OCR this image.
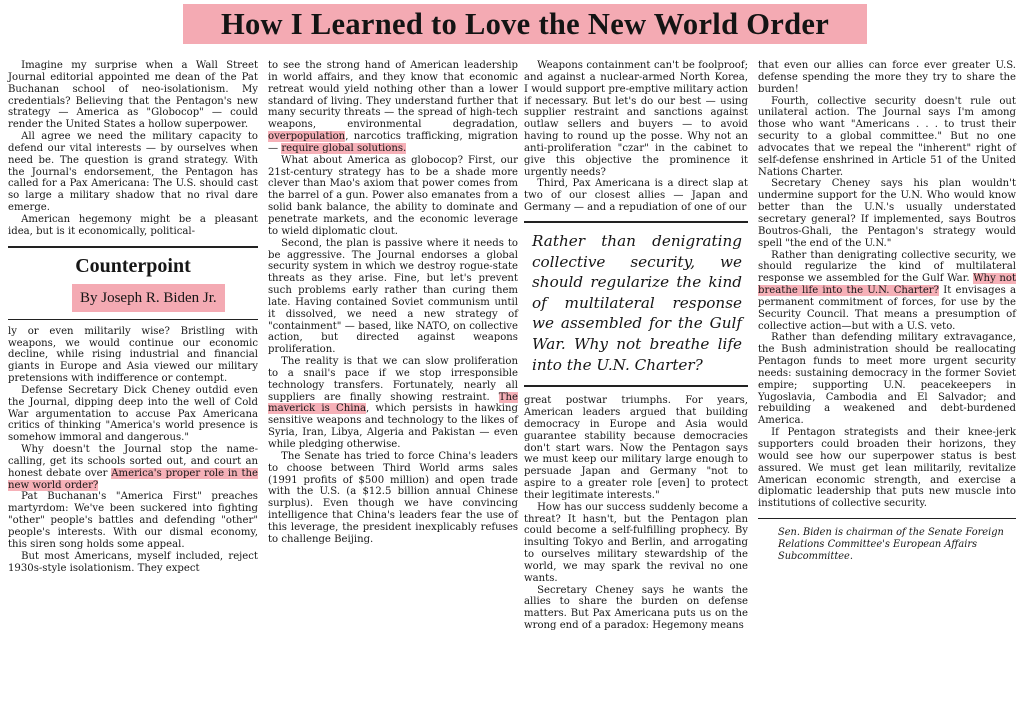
How I Learned to Love the New World Order

Imagine my surprise when a Wall Street Journal editorial appointed me dean of the Pat Buchanan school of neo-isolationism. My credentials? Believing that the Pentagon's new strategy — America as "Globocop" — could render the United States a hollow superpower.

All agree we need the military capacity to defend our vital interests — by ourselves when need be. The question is grand strategy. With the Journal's endorsement, the Pentagon has called for a Pax Americana: The U.S. should cast so large a military shadow that no rival dare emerge.

American hegemony might be a pleasant idea, but is it economically, political-

Counterpoint
By Joseph R. Biden Jr.

ly or even militarily wise? Bristling with weapons, we would continue our economic decline, while rising industrial and financial giants in Europe and Asia viewed our military pretensions with indifference or contempt.

Defense Secretary Dick Cheney outdid even the Journal, dipping deep into the well of Cold War argumentation to accuse Pax Americana critics of thinking "America's world presence is somehow immoral and dangerous."

Why doesn't the Journal stop the name-calling, get its schools sorted out, and court an honest debate over America's proper role in the new world order?

Pat Buchanan's "America First" preaches martyrdom: We've been suckered into fighting "other" people's battles and defending "other" people's interests. With our dismal economy, this siren song holds some appeal.

But most Americans, myself included, reject 1930s-style isolationism. They expect

to see the strong hand of American leadership in world affairs, and they know that economic retreat would yield nothing other than a lower standard of living. They understand further that many security threats — the spread of high-tech weapons, environmental degradation, overpopulation, narcotics trafficking, migration — require global solutions.

What about America as globocop? First, our 21st-century strategy has to be a shade more clever than Mao's axiom that power comes from the barrel of a gun. Power also emanates from a solid bank balance, the ability to dominate and penetrate markets, and the economic leverage to wield diplomatic clout.

Second, the plan is passive where it needs to be aggressive. The Journal endorses a global security system in which we destroy rogue-state threats as they arise. Fine, but let's prevent such problems early rather than curing them late. Having contained Soviet communism until it dissolved, we need a new strategy of "containment" — based, like NATO, on collective action, but directed against weapons proliferation.

The reality is that we can slow proliferation to a snail's pace if we stop irresponsible technology transfers. Fortunately, nearly all suppliers are finally showing restraint. The maverick is China, which persists in hawking sensitive weapons and technology to the likes of Syria, Iran, Libya, Algeria and Pakistan — even while pledging otherwise.

The Senate has tried to force China's leaders to choose between Third World arms sales (1991 profits of $500 million) and open trade with the U.S. (a $12.5 billion annual Chinese surplus). Even though we have convincing intelligence that China's leaders fear the use of this leverage, the president inexplicably refuses to challenge Beijing.

Weapons containment can't be foolproof; and against a nuclear-armed North Korea, I would support pre-emptive military action if necessary. But let's do our best — using supplier restraint and sanctions against outlaw sellers and buyers — to avoid having to round up the posse. Why not an anti-proliferation "czar" in the cabinet to give this objective the prominence it urgently needs?

Third, Pax Americana is a direct slap at two of our closest allies — Japan and Germany — and a repudiation of one of our

Rather than denigrating collective security, we should regularize the kind of multilateral response we assembled for the Gulf War. Why not breathe life into the U.N. Charter?

great postwar triumphs. For years, American leaders argued that building democracy in Europe and Asia would guarantee stability because democracies don't start wars. Now the Pentagon says we must keep our military large enough to persuade Japan and Germany "not to aspire to a greater role [even] to protect their legitimate interests."

How has our success suddenly become a threat? It hasn't, but the Pentagon plan could become a self-fulfilling prophecy. By insulting Tokyo and Berlin, and arrogating to ourselves military stewardship of the world, we may spark the revival no one wants.

Secretary Cheney says he wants the allies to share the burden on defense matters. But Pax Americana puts us on the wrong end of a paradox: Hegemony means

that even our allies can force ever greater U.S. defense spending the more they try to share the burden!

Fourth, collective security doesn't rule out unilateral action. The Journal says I'm among those who want "Americans . . . to trust their security to a global committee." But no one advocates that we repeal the "inherent" right of self-defense enshrined in Article 51 of the United Nations Charter.

Secretary Cheney says his plan wouldn't undermine support for the U.N. Who would know better than the U.N.'s usually understated secretary general? If implemented, says Boutros Boutros-Ghali, the Pentagon's strategy would spell "the end of the U.N."

Rather than denigrating collective security, we should regularize the kind of multilateral response we assembled for the Gulf War. Why not breathe life into the U.N. Charter? It envisages a permanent commitment of forces, for use by the Security Council. That means a presumption of collective action—but with a U.S. veto.

Rather than defending military extravagance, the Bush administration should be reallocating Pentagon funds to meet more urgent security needs: sustaining democracy in the former Soviet empire; supporting U.N. peacekeepers in Yugoslavia, Cambodia and El Salvador; and rebuilding a weakened and debt-burdened America.

If Pentagon strategists and their knee-jerk supporters could broaden their horizons, they would see how our superpower status is best assured. We must get lean militarily, revitalize American economic strength, and exercise a diplomatic leadership that puts new muscle into institutions of collective security.

Sen. Biden is chairman of the Senate Foreign Relations Committee's European Affairs Subcommittee.
